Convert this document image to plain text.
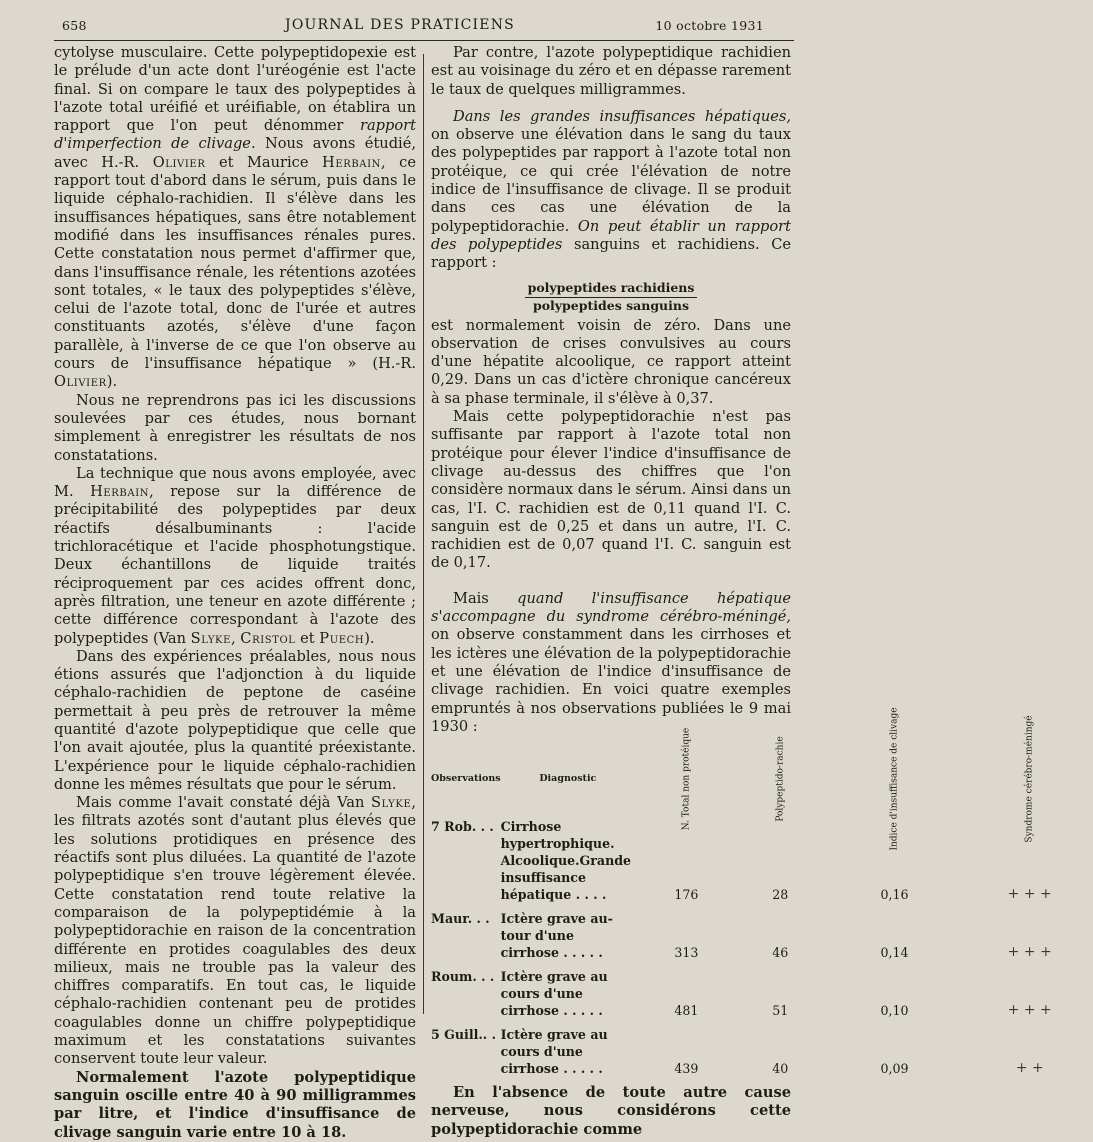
658	JOURNAL DES PRATICIENS	10 octobre 1931

cytolyse musculaire. Cette polypeptidopexie est le prélude d'un acte dont l'uréogénie est l'acte final. Si on compare le taux des polypeptides à l'azote total uréifié et uréifiable, on établira un rapport que l'on peut dénommer rapport d'imperfection de clivage. Nous avons étudié, avec H.-R. Olivier et Maurice Herbain, ce rapport tout d'abord dans le sérum, puis dans le liquide céphalo-rachidien. Il s'élève dans les insuffisances hépatiques, sans être notablement modifié dans les insuffisances rénales pures. Cette constatation nous permet d'affirmer que, dans l'insuffisance rénale, les rétentions azotées sont totales, « le taux des polypeptides s'élève, celui de l'azote total, donc de l'urée et autres constituants azotés, s'élève d'une façon parallèle, à l'inverse de ce que l'on observe au cours de l'insuffisance hépatique » (H.-R. Olivier).

Nous ne reprendrons pas ici les discussions soulevées par ces études, nous bornant simplement à enregistrer les résultats de nos constatations.

La technique que nous avons employée, avec M. Herbain, repose sur la différence de précipitabilité des polypeptides par deux réactifs désalbuminants : l'acide trichloracétique et l'acide phosphotungstique. Deux échantillons de liquide traités réciproquement par ces acides offrent donc, après filtration, une teneur en azote différente ; cette différence correspondant à l'azote des polypeptides (Van Slyke, Cristol et Puech).

Dans des expériences préalables, nous nous étions assurés que l'adjonction à du liquide céphalo-rachidien de peptone de caséine permettait à peu près de retrouver la même quantité d'azote polypeptidique que celle que l'on avait ajoutée, plus la quantité préexistante. L'expérience pour le liquide céphalo-rachidien donne les mêmes résultats que pour le sérum.

Mais comme l'avait constaté déjà Van Slyke, les filtrats azotés sont d'autant plus élevés que les solutions protidiques en présence des réactifs sont plus diluées. La quantité de l'azote polypeptidique s'en trouve légèrement élevée. Cette constatation rend toute relative la comparaison de la polypeptidémie à la polypeptidorachie en raison de la concentration différente en protides coagulables des deux milieux, mais ne trouble pas la valeur des chiffres comparatifs. En tout cas, le liquide céphalo-rachidien contenant peu de protides coagulables donne un chiffre polypeptidique maximum et les constatations suivantes conservent toute leur valeur.

Normalement l'azote polypeptidique sanguin oscille entre 40 à 90 milligrammes par litre, et l'indice d'insuffisance de clivage sanguin varie entre 10 à 18.

Par contre, l'azote polypeptidique rachidien est au voisinage du zéro et en dépasse rarement le taux de quelques milligrammes.

Dans les grandes insuffisances hépatiques, on observe une élévation dans le sang du taux des polypeptides par rapport à l'azote total non protéique, ce qui crée l'élévation de notre indice de l'insuffisance de clivage. Il se produit dans ces cas une élévation de la polypeptidorachie. On peut établir un rapport des polypeptides sanguins et rachidiens. Ce rapport :

polypeptides rachidiens
polypeptides sanguins

est normalement voisin de zéro. Dans une observation de crises convulsives au cours d'une hépatite alcoolique, ce rapport atteint 0,29. Dans un cas d'ictère chronique cancéreux à sa phase terminale, il s'élève à 0,37.

Mais cette polypeptidorachie n'est pas suffisante par rapport à l'azote total non protéique pour élever l'indice d'insuffisance de clivage au-dessus des chiffres que l'on considère normaux dans le sérum. Ainsi dans un cas, l'I. C. rachidien est de 0,11 quand l'I. C. sanguin est de 0,25 et dans un autre, l'I. C. rachidien est de 0,07 quand l'I. C. sanguin est de 0,17.

Mais quand l'insuffisance hépatique s'accompagne du syndrome cérébro-méningé, on observe constamment dans les cirrhoses et les ictères une élévation de la polypeptidorachie et une élévation de l'indice d'insuffisance de clivage rachidien. En voici quatre exemples empruntés à nos observations publiées le 9 mai 1930 :

Observations	Diagnostic	N. Total non protéique	Polypeptido-rachie	Indice d'insuffisance de clivage	Syndrome cérébro-méningé
7 Rob. . .	Cirrhose hypertrophique. Alcoolique.Grande insuffisance hépatique . . . .	176	28	0,16	+ + +
Maur. . .	Ictère grave au-tour d'une cirrhose . . . . .	313	46	0,14	+ + +
Roum. . .	Ictère grave au cours d'une cirrhose . . . . .	481	51	0,10	+ + +
5 Guill.. .	Ictère grave au cours d'une cirrhose . . . . .	439	40	0,09	+ +

En l'absence de toute autre cause nerveuse, nous considérons cette polypeptidorachie comme
